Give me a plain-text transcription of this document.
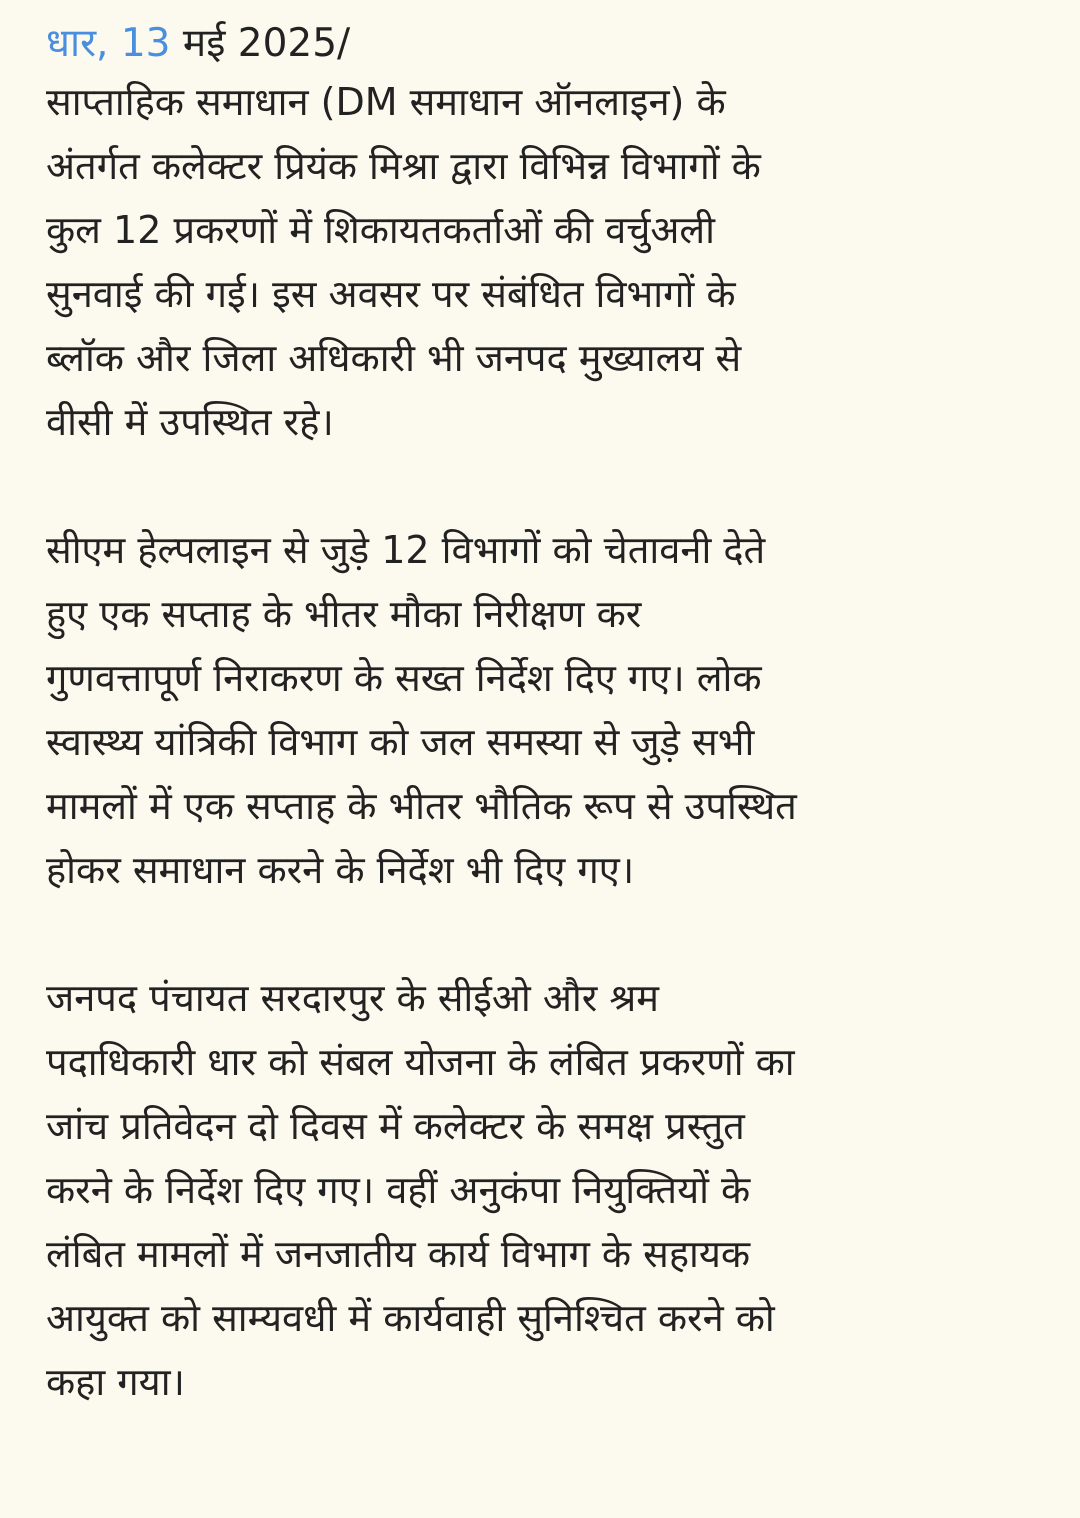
धार, 13 मई 2025/

साप्ताहिक समाधान (DM समाधान ऑनलाइन) के
अंतर्गत कलेक्टर प्रियंक मिश्रा द्वारा विभिन्न विभागों के
कुल 12 प्रकरणों में शिकायतकर्ताओं की वर्चुअली
सुनवाई की गई। इस अवसर पर संबंधित विभागों के
ब्लॉक और जिला अधिकारी भी जनपद मुख्यालय से
वीसी में उपस्थित रहे।
सीएम हेल्पलाइन से जुड़े 12 विभागों को चेतावनी देते
हुए एक सप्ताह के भीतर मौका निरीक्षण कर
गुणवत्तापूर्ण निराकरण के सख्त निर्देश दिए गए। लोक
स्वास्थ्य यांत्रिकी विभाग को जल समस्या से जुड़े सभी
मामलों में एक सप्ताह के भीतर भौतिक रूप से उपस्थित
होकर समाधान करने के निर्देश भी दिए गए।
जनपद पंचायत सरदारपुर के सीईओ और श्रम
पदाधिकारी धार को संबल योजना के लंबित प्रकरणों का
जांच प्रतिवेदन दो दिवस में कलेक्टर के समक्ष प्रस्तुत
करने के निर्देश दिए गए। वहीं अनुकंपा नियुक्तियों के
लंबित मामलों में जनजातीय कार्य विभाग के सहायक
आयुक्त को साम्यवधी में कार्यवाही सुनिश्चित करने को
कहा गया।
